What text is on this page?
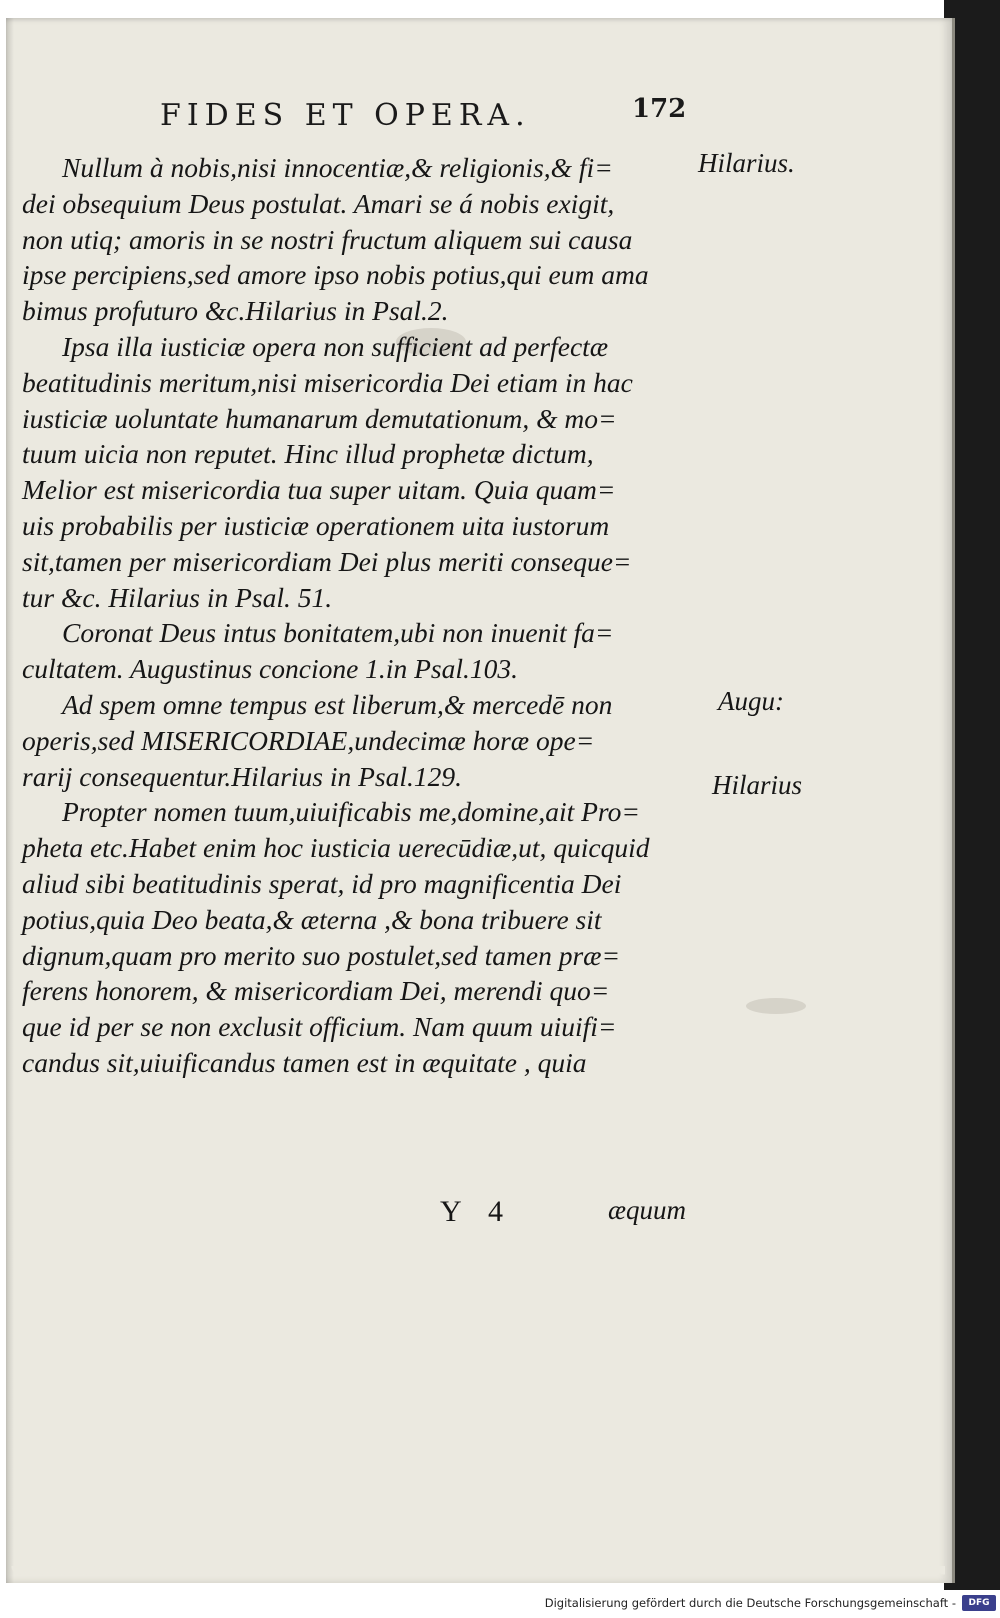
FIDES ET OPERA.	172

Nullum à nobis,nisi innocentiæ,& religionis,& fi=
dei obsequium Deus postulat. Amari se á nobis exigit,
non utiq; amoris in se nostri fructum aliquem sui causa
ipse percipiens,sed amore ipso nobis potius,qui eum ama
bimus profuturo &c.Hilarius in Psal.2.

Ipsa illa iusticiæ opera non sufficient ad perfectæ
beatitudinis meritum,nisi misericordia Dei etiam in hac
iusticiæ uoluntate humanarum demutationum, & mo=
tuum uicia non reputet. Hinc illud prophetæ dictum,
Melior est misericordia tua super uitam. Quia quam=
uis probabilis per iusticiæ operationem uita iustorum
sit,tamen per misericordiam Dei plus meriti conseque=
tur &c. Hilarius in Psal. 51.

Coronat Deus intus bonitatem,ubi non inuenit fa=
cultatem. Augustinus concione 1.in Psal.103.

Ad spem omne tempus est liberum,& mercedē non
operis,sed MISERICORDIAE,undecimæ horæ ope=
rarij consequentur.Hilarius in Psal.129.

Propter nomen tuum,uiuificabis me,domine,ait Pro=
pheta etc.Habet enim hoc iusticia uerecūdiæ,ut, quicquid
aliud sibi beatitudinis sperat, id pro magnificentia Dei
potius,quia Deo beata,& æterna ,& bona tribuere sit
dignum,quam pro merito suo postulet,sed tamen præ=
ferens honorem, & misericordiam Dei, merendi quo=
que id per se non exclusit officium. Nam quum uiuifi=
candus sit,uiuificandus tamen est in æquitate , quia

Hilarius.
Augu:
Hilarius
Y 4	æquum
Digitalisierung gefördert durch die Deutsche Forschungsgemeinschaft -	DFG
